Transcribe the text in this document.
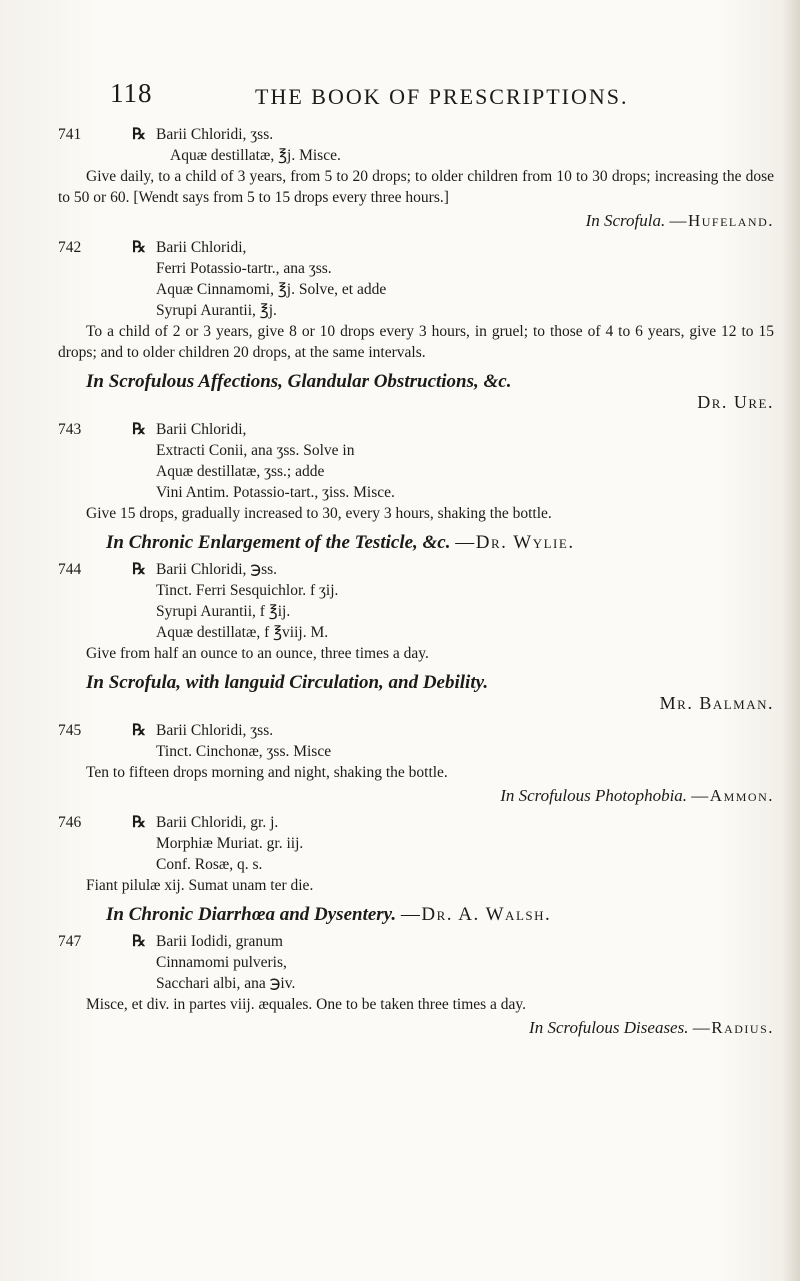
118	THE BOOK OF PRESCRIPTIONS.
741	℞ Barii Chloridi, ʒss.
Aquæ destillatæ, ℥j. Misce.

Give daily, to a child of 3 years, from 5 to 20 drops; to older children from 10 to 30 drops; increasing the dose to 50 or 60. [Wendt says from 5 to 15 drops every three hours.]

In Scrofula. —Hufeland.

742	℞ Barii Chloridi,
Ferri Potassio-tartr., ana ʒss.
Aquæ Cinnamomi, ℥j. Solve, et adde
Syrupi Aurantii, ℥j.

To a child of 2 or 3 years, give 8 or 10 drops every 3 hours, in gruel; to those of 4 to 6 years, give 12 to 15 drops; and to older children 20 drops, at the same intervals.

In Scrofulous Affections, Glandular Obstructions, &c.

Dr. Ure.

743	℞ Barii Chloridi,
Extracti Conii, ana ʒss. Solve in
Aquæ destillatæ, ʒss.; adde
Vini Antim. Potassio-tart., ʒiss. Misce.

Give 15 drops, gradually increased to 30, every 3 hours, shaking the bottle.

In Chronic Enlargement of the Testicle, &c. —Dr. Wylie.

744	℞ Barii Chloridi, ℈ss.
Tinct. Ferri Sesquichlor. f ʒij.
Syrupi Aurantii, f ℥ij.
Aquæ destillatæ, f ℥viij. M.

Give from half an ounce to an ounce, three times a day.

In Scrofula, with languid Circulation, and Debility.

Mr. Balman.

745	℞ Barii Chloridi, ʒss.
Tinct. Cinchonæ, ʒss. Misce

Ten to fifteen drops morning and night, shaking the bottle.

In Scrofulous Photophobia. —Ammon.

746	℞ Barii Chloridi, gr. j.
Morphiæ Muriat. gr. iij.
Conf. Rosæ, q. s.

Fiant pilulæ xij. Sumat unam ter die.

In Chronic Diarrhœa and Dysentery. —Dr. A. Walsh.

747	℞ Barii Iodidi, granum
Cinnamomi pulveris,
Sacchari albi, ana ℈iv.

Misce, et div. in partes viij. æquales. One to be taken three times a day.

In Scrofulous Diseases. —Radius.
